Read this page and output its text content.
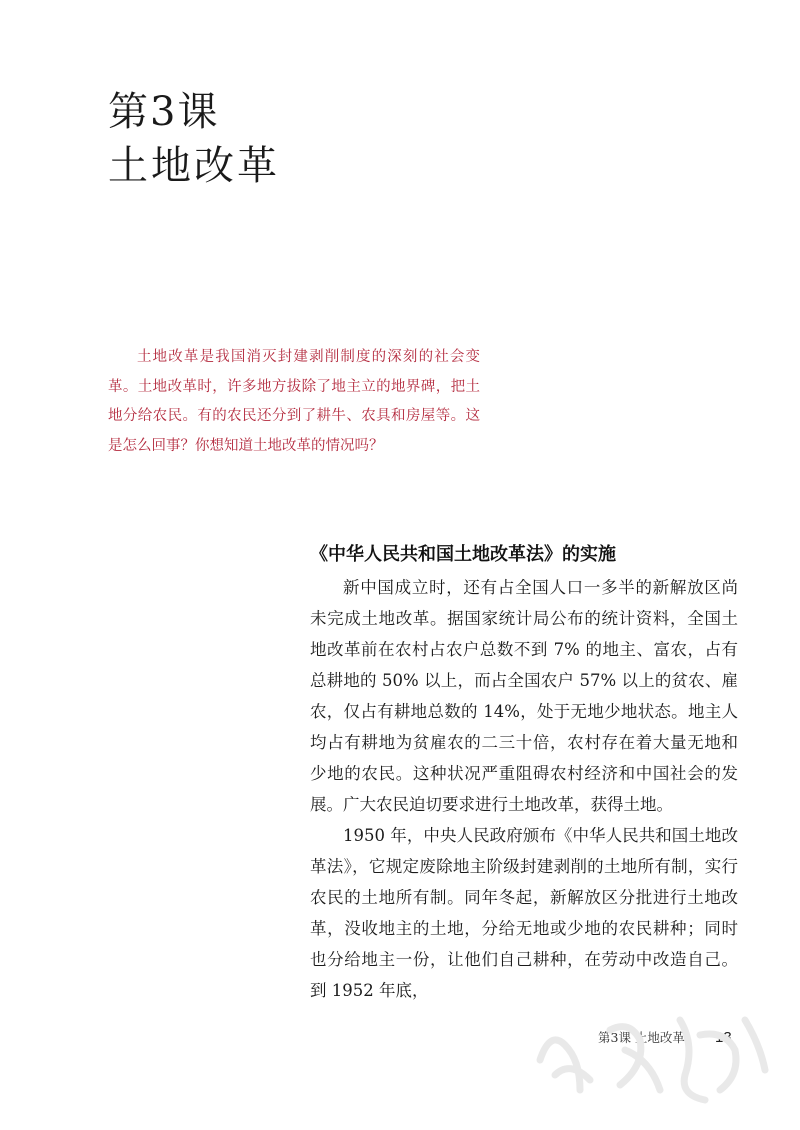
第3课
土地改革

土地改革是我国消灭封建剥削制度的深刻的社会变革。土地改革时，许多地方拔除了地主立的地界碑，把土地分给农民。有的农民还分到了耕牛、农具和房屋等。这是怎么回事？你想知道土地改革的情况吗？

《中华人民共和国土地改革法》的实施

新中国成立时，还有占全国人口一多半的新解放区尚未完成土地改革。据国家统计局公布的统计资料，全国土地改革前在农村占农户总数不到 7% 的地主、富农，占有总耕地的 50% 以上，而占全国农户 57% 以上的贫农、雇农，仅占有耕地总数的 14%，处于无地少地状态。地主人均占有耕地为贫雇农的二三十倍，农村存在着大量无地和少地的农民。这种状况严重阻碍农村经济和中国社会的发展。广大农民迫切要求进行土地改革，获得土地。

1950 年，中央人民政府颁布《中华人民共和国土地改革法》，它规定废除地主阶级封建剥削的土地所有制，实行农民的土地所有制。同年冬起，新解放区分批进行土地改革，没收地主的土地，分给无地或少地的农民耕种；同时也分给地主一份，让他们自己耕种，在劳动中改造自己。到 1952 年底，

第3课 土地改革 13
